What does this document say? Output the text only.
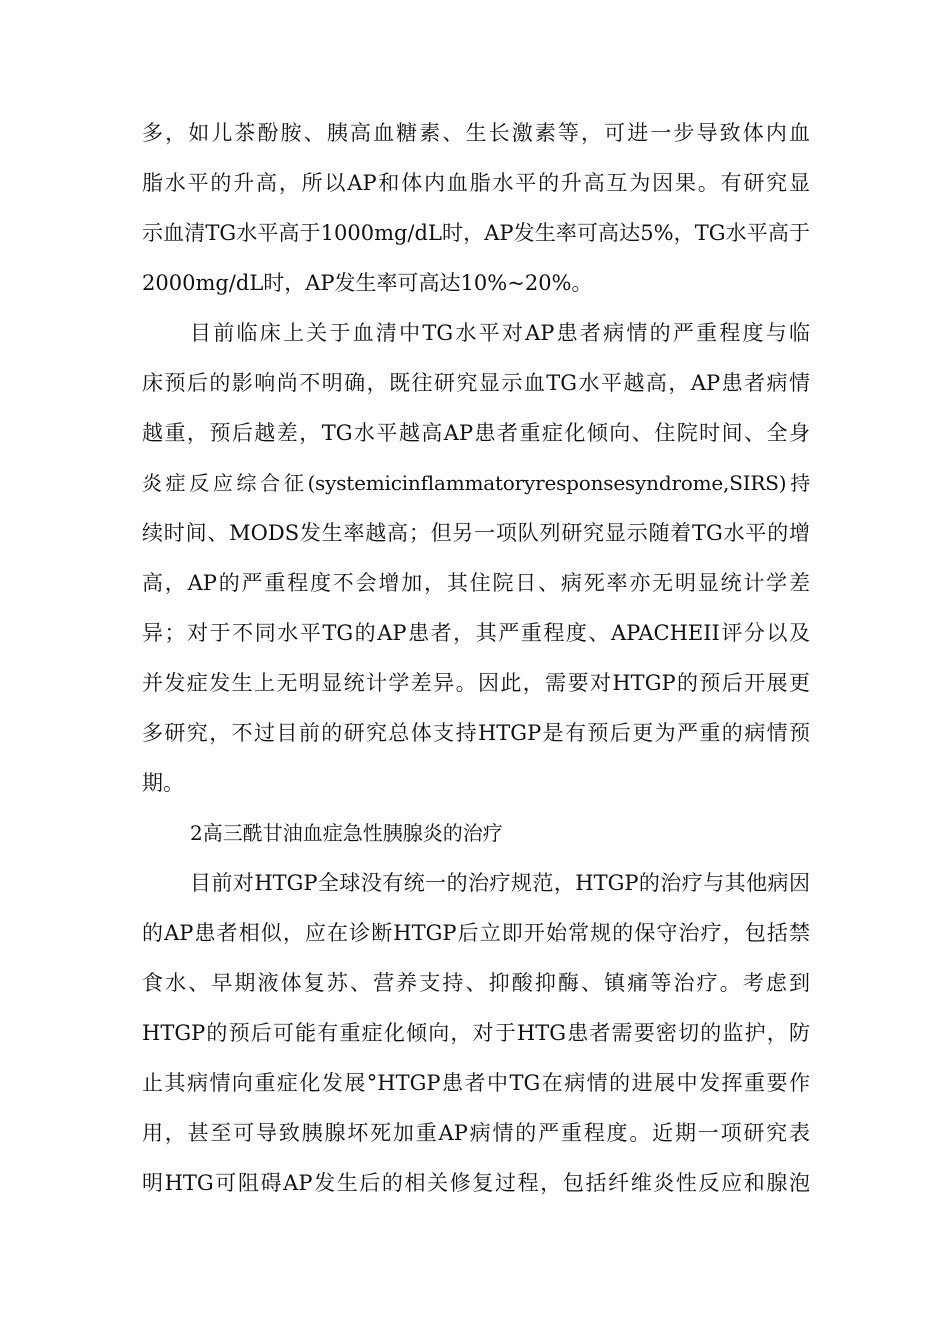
多，如儿茶酚胺、胰高血糖素、生长激素等，可进一步导致体内血
脂水平的升高，所以AP和体内血脂水平的升高互为因果。有研究显
示血清TG水平高于1000mg/dL时，AP发生率可高达5%，TG水平高于
2000mg/dL时，AP发生率可高达10%~20%。
目前临床上关于血清中TG水平对AP患者病情的严重程度与临
床预后的影响尚不明确，既往研究显示血TG水平越高，AP患者病情
越重，预后越差，TG水平越高AP患者重症化倾向、住院时间、全身
炎症反应综合征(systemicinflammatoryresponsesyndrome,SIRS)持
续时间、MODS发生率越高；但另一项队列研究显示随着TG水平的增
高，AP的严重程度不会增加，其住院日、病死率亦无明显统计学差
异；对于不同水平TG的AP患者，其严重程度、APACHEII评分以及
并发症发生上无明显统计学差异。因此，需要对HTGP的预后开展更
多研究，不过目前的研究总体支持HTGP是有预后更为严重的病情预
期。
2高三酰甘油血症急性胰腺炎的治疗
目前对HTGP全球没有统一的治疗规范，HTGP的治疗与其他病因
的AP患者相似，应在诊断HTGP后立即开始常规的保守治疗，包括禁
食水、早期液体复苏、营养支持、抑酸抑酶、镇痛等治疗。考虑到
HTGP的预后可能有重症化倾向，对于HTG患者需要密切的监护，防
止其病情向重症化发展°HTGP患者中TG在病情的进展中发挥重要作
用，甚至可导致胰腺坏死加重AP病情的严重程度。近期一项研究表
明HTG可阻碍AP发生后的相关修复过程，包括纤维炎性反应和腺泡
